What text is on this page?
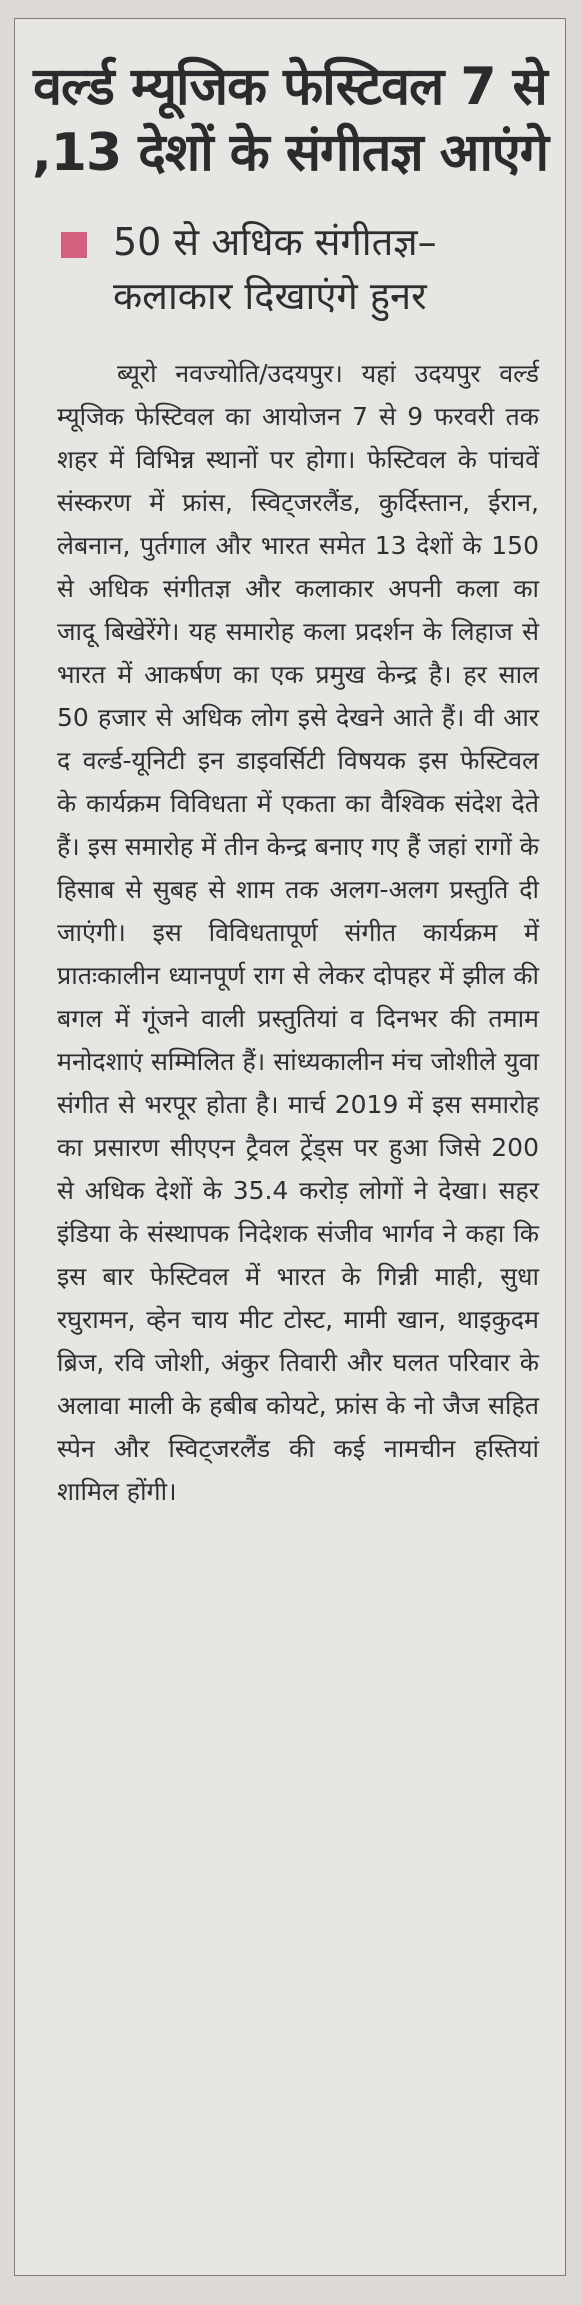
वर्ल्ड म्यूजिक फेस्टिवल 7 से ,13 देशों के संगीतज्ञ आएंगे
50 से अधिक संगीतज्ञ–कलाकार दिखाएंगे हुनर
ब्यूरो नवज्योति/उदयपुर। यहां उदयपुर वर्ल्ड म्यूजिक फेस्टिवल का आयोजन 7 से 9 फरवरी तक शहर में विभिन्न स्थानों पर होगा। फेस्टिवल के पांचवें संस्करण में फ्रांस, स्विट्जरलैंड, कुर्दिस्तान, ईरान, लेबनान, पुर्तगाल और भारत समेत 13 देशों के 150 से अधिक संगीतज्ञ और कलाकार अपनी कला का जादू बिखेरेंगे। यह समारोह कला प्रदर्शन के लिहाज से भारत में आकर्षण का एक प्रमुख केन्द्र है। हर साल 50 हजार से अधिक लोग इसे देखने आते हैं। वी आर द वर्ल्ड-यूनिटी इन डाइवर्सिटी विषयक इस फेस्टिवल के कार्यक्रम विविधता में एकता का वैश्विक संदेश देते हैं। इस समारोह में तीन केन्द्र बनाए गए हैं जहां रागों के हिसाब से सुबह से शाम तक अलग-अलग प्रस्तुति दी जाएंगी। इस विविधतापूर्ण संगीत कार्यक्रम में प्रातःकालीन ध्यानपूर्ण राग से लेकर दोपहर में झील की बगल में गूंजने वाली प्रस्तुतियां व दिनभर की तमाम मनोदशाएं सम्मिलित हैं। सांध्यकालीन मंच जोशीले युवा संगीत से भरपूर होता है। मार्च 2019 में इस समारोह का प्रसारण सीएएन ट्रैवल ट्रेंड्स पर हुआ जिसे 200 से अधिक देशों के 35.4 करोड़ लोगों ने देखा। सहर इंडिया के संस्थापक निदेशक संजीव भार्गव ने कहा कि इस बार फेस्टिवल में भारत के गिन्नी माही, सुधा रघुरामन, व्हेन चाय मीट टोस्ट, मामी खान, थाइकुदम ब्रिज, रवि जोशी, अंकुर तिवारी और घलत परिवार के अलावा माली के हबीब कोयटे, फ्रांस के नो जैज सहित स्पेन और स्विट्जरलैंड की कई नामचीन हस्तियां शामिल होंगी।
